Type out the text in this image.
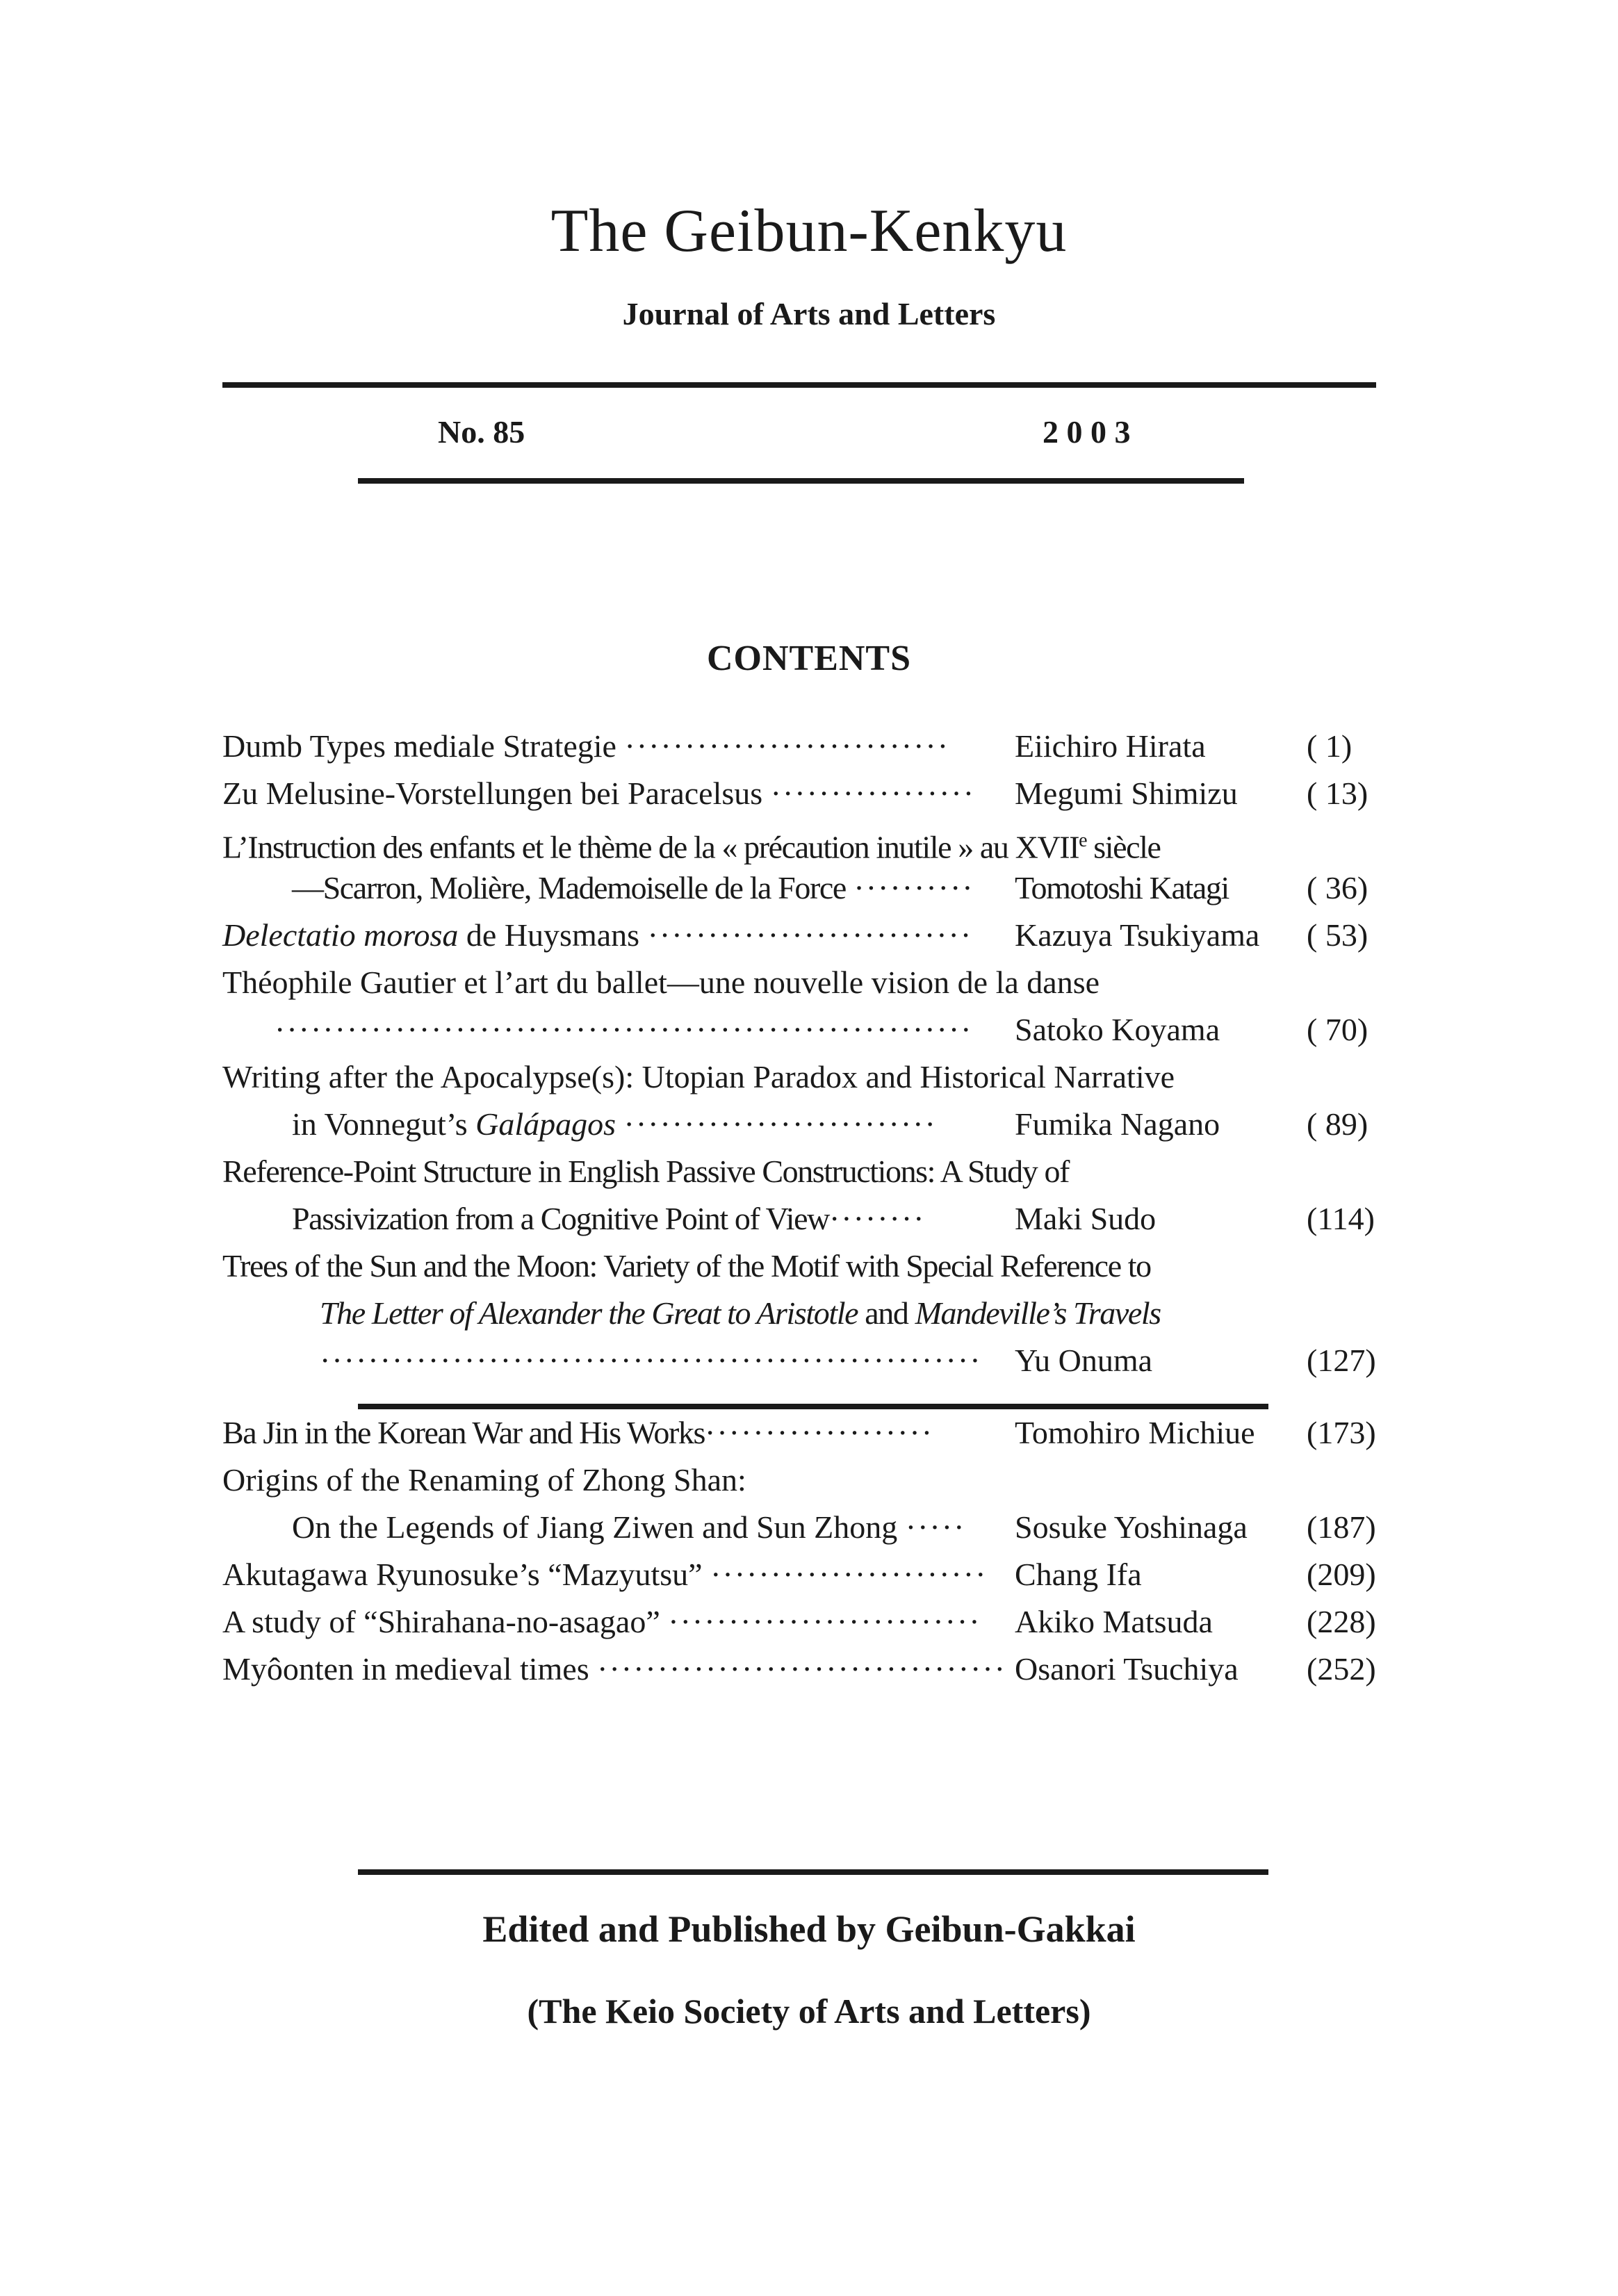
The Geibun-Kenkyu
Journal of Arts and Letters
No. 85	2 0 0 3
CONTENTS
Dumb Types mediale Strategie ··························· Eiichiro Hirata	( 1)
Zu Melusine-Vorstellungen bei Paracelsus ················· Megumi Shimizu ( 13)
L’Instruction des enfants et le thème de la « précaution inutile » au XVIIe siècle
—Scarron, Molière, Mademoiselle de la Force ·········· Tomotoshi Katagi ( 36)
Delectatio morosa de Huysmans ··························· Kazuya Tsukiyama ( 53)
Théophile Gautier et l’art du ballet—une nouvelle vision de la danse
·························································· Satoko Koyama	( 70)
Writing after the Apocalypse(s): Utopian Paradox and Historical Narrative
in Vonnegut’s Galápagos ·························· Fumika Nagano	( 89)
Reference-Point Structure in English Passive Constructions: A Study of
Passivization from a Cognitive Point of View········	Maki Sudo	(114)
Trees of the Sun and the Moon: Variety of the Motif with Special Reference to
The Letter of Alexander the Great to Aristotle and Mandeville’s Travels
······················································· Yu Onuma	(127)
Ba Jin in the Korean War and His Works···················	Tomohiro Michiue (173)
Origins of the Renaming of Zhong Shan:
On the Legends of Jiang Ziwen and Sun Zhong ····· Sosuke Yoshinaga (187)
Akutagawa Ryunosuke’s “Mazyutsu” ······················· Chang Ifa	(209)
A study of “Shirahana-no-asagao” ·························· Akiko Matsuda	(228)
Myôonten in medieval times ·································· Osanori Tsuchiya (252)
Edited and Published by Geibun-Gakkai
(The Keio Society of Arts and Letters)
